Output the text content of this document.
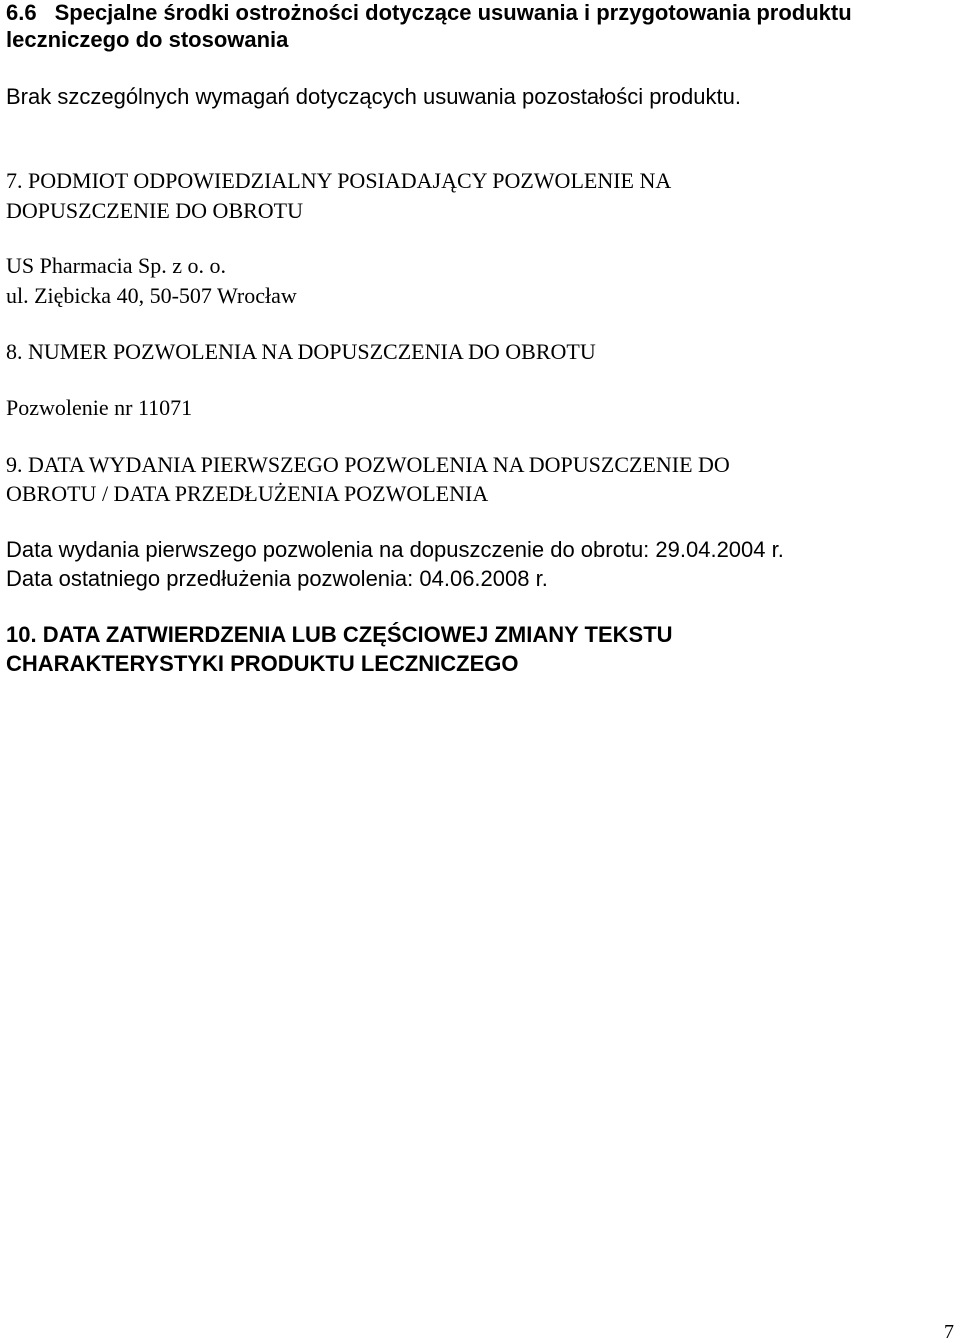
6.6 Specjalne środki ostrożności dotyczące usuwania i przygotowania produktu
leczniczego do stosowania
Brak szczególnych wymagań dotyczących usuwania pozostałości produktu.
7. PODMIOT ODPOWIEDZIALNY POSIADAJĄCY POZWOLENIE NA
DOPUSZCZENIE DO OBROTU
US Pharmacia Sp. z o. o.
ul. Ziębicka 40, 50-507 Wrocław
8. NUMER POZWOLENIA NA DOPUSZCZENIA DO OBROTU
Pozwolenie nr 11071
9. DATA WYDANIA PIERWSZEGO POZWOLENIA NA DOPUSZCZENIE DO
OBROTU / DATA PRZEDŁUŻENIA POZWOLENIA
Data wydania pierwszego pozwolenia na dopuszczenie do obrotu: 29.04.2004 r.
Data ostatniego przedłużenia pozwolenia: 04.06.2008 r.
10. DATA ZATWIERDZENIA LUB CZĘŚCIOWEJ ZMIANY TEKSTU
CHARAKTERYSTYKI PRODUKTU LECZNICZEGO
7
